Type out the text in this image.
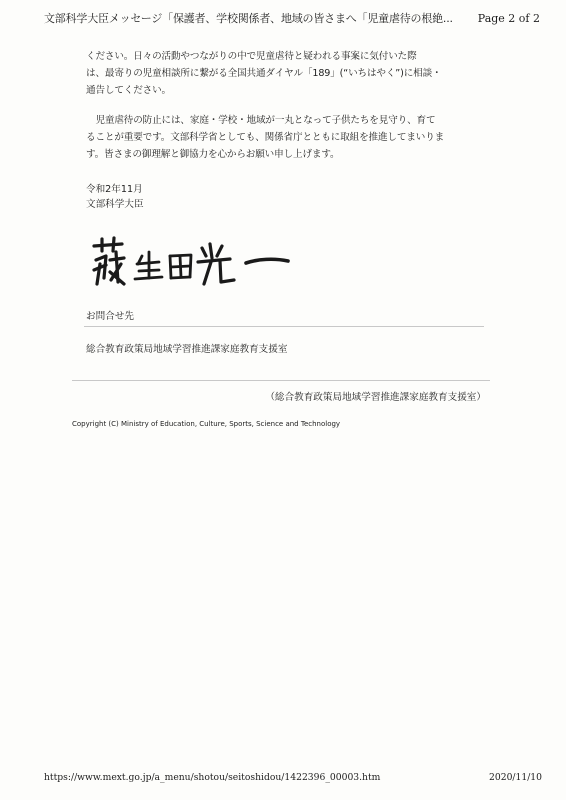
文部科学大臣メッセージ「保護者、学校関係者、地域の皆さまへ「児童虐待の根絶...	Page 2 of 2

ください。日々の活動やつながりの中で児童虐待と疑われる事案に気付いた際
は、最寄りの児童相談所に繋がる全国共通ダイヤル「189」(“いちはやく”)に相談・
通告してください。

　児童虐待の防止には、家庭・学校・地域が一丸となって子供たちを見守り、育て
ることが重要です。文部科学省としても、関係省庁とともに取組を推進してまいりま
す。皆さまの御理解と御協力を心からお願い申し上げます。

令和2年11月
文部科学大臣
お問合せ先
総合教育政策局地域学習推進課家庭教育支援室
（総合教育政策局地域学習推進課家庭教育支援室）
Copyright (C) Ministry of Education, Culture, Sports, Science and Technology
https://www.mext.go.jp/a_menu/shotou/seitoshidou/1422396_00003.htm	2020/11/10
